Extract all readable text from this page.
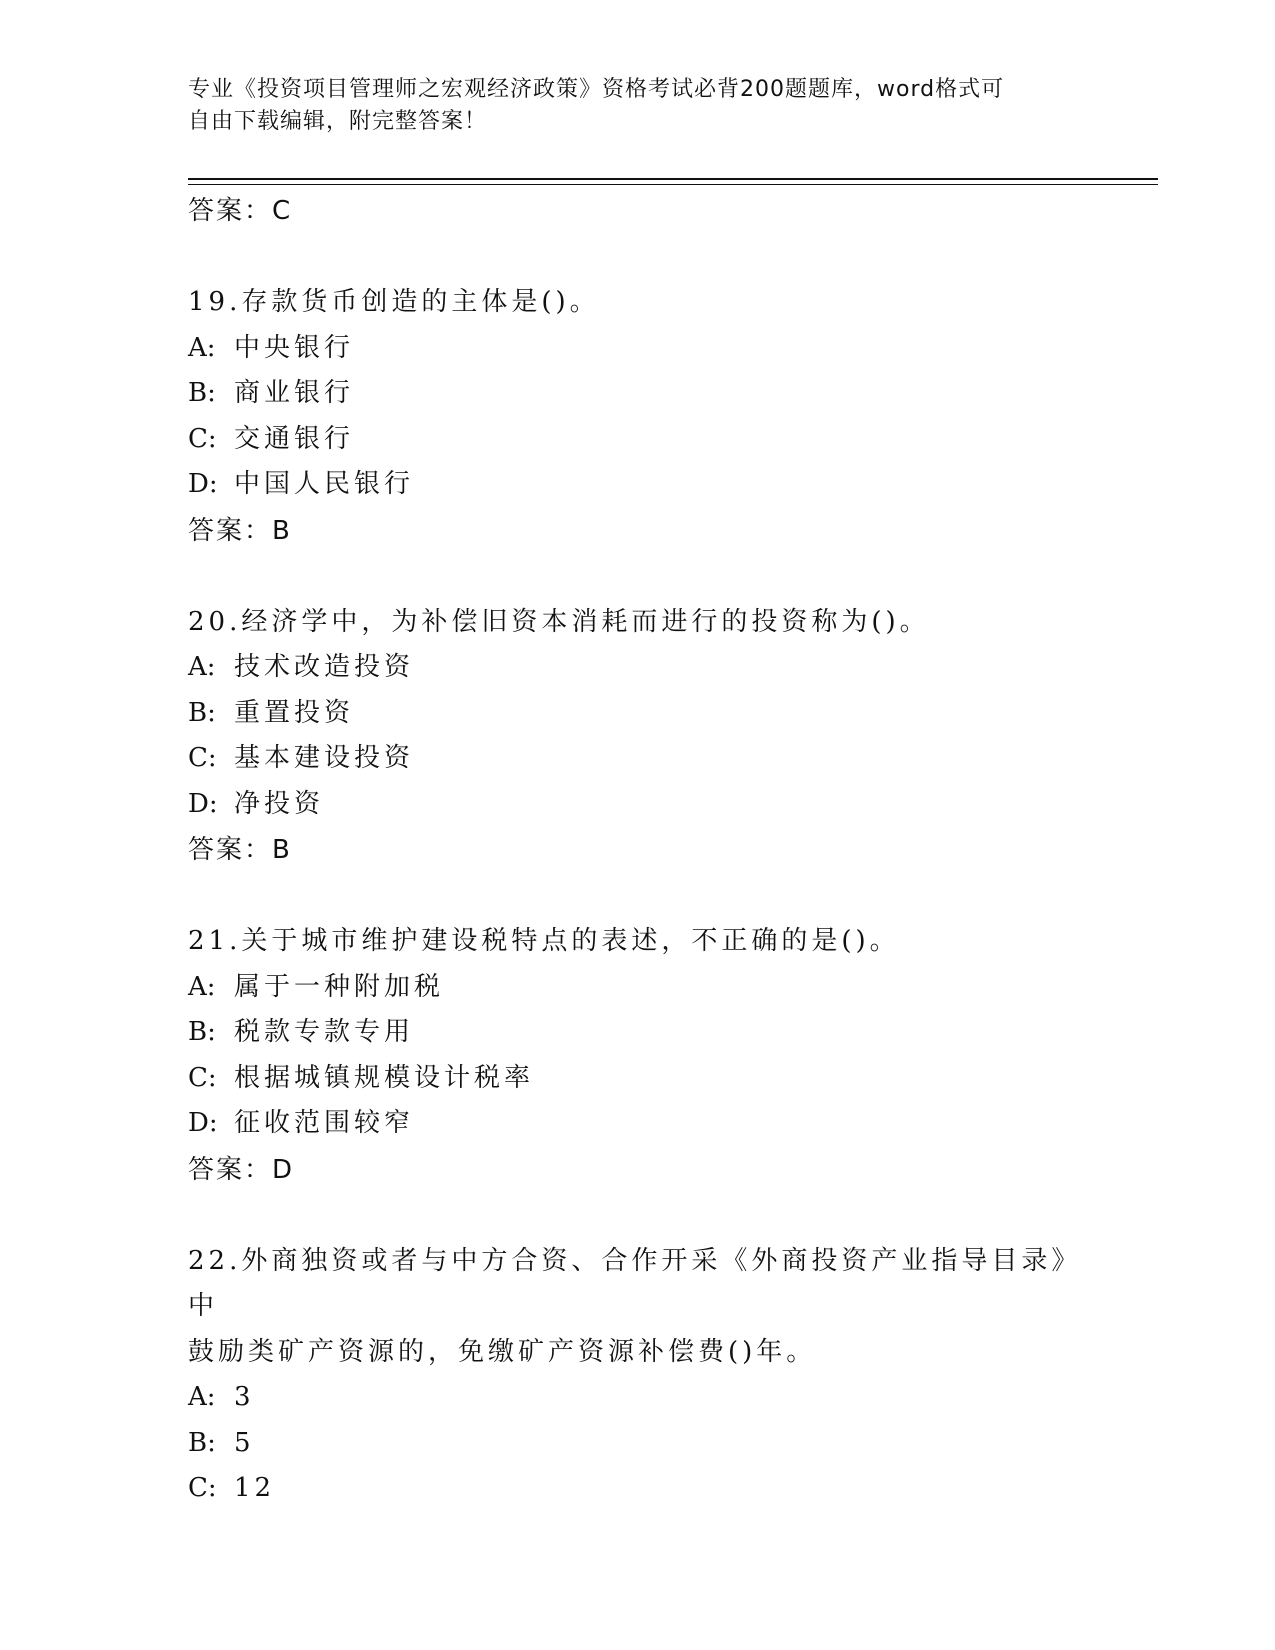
专业《投资项目管理师之宏观经济政策》资格考试必背200题题库，word格式可
自由下载编辑，附完整答案！
答案：C
19.存款货币创造的主体是()。
A: 中央银行
B: 商业银行
C: 交通银行
D: 中国人民银行
答案：B
20.经济学中，为补偿旧资本消耗而进行的投资称为()。
A: 技术改造投资
B: 重置投资
C: 基本建设投资
D: 净投资
答案：B
21.关于城市维护建设税特点的表述，不正确的是()。
A: 属于一种附加税
B: 税款专款专用
C: 根据城镇规模设计税率
D: 征收范围较窄
答案：D
22.外商独资或者与中方合资、合作开采《外商投资产业指导目录》中
鼓励类矿产资源的，免缴矿产资源补偿费()年。
A: 3
B: 5
C: 12
